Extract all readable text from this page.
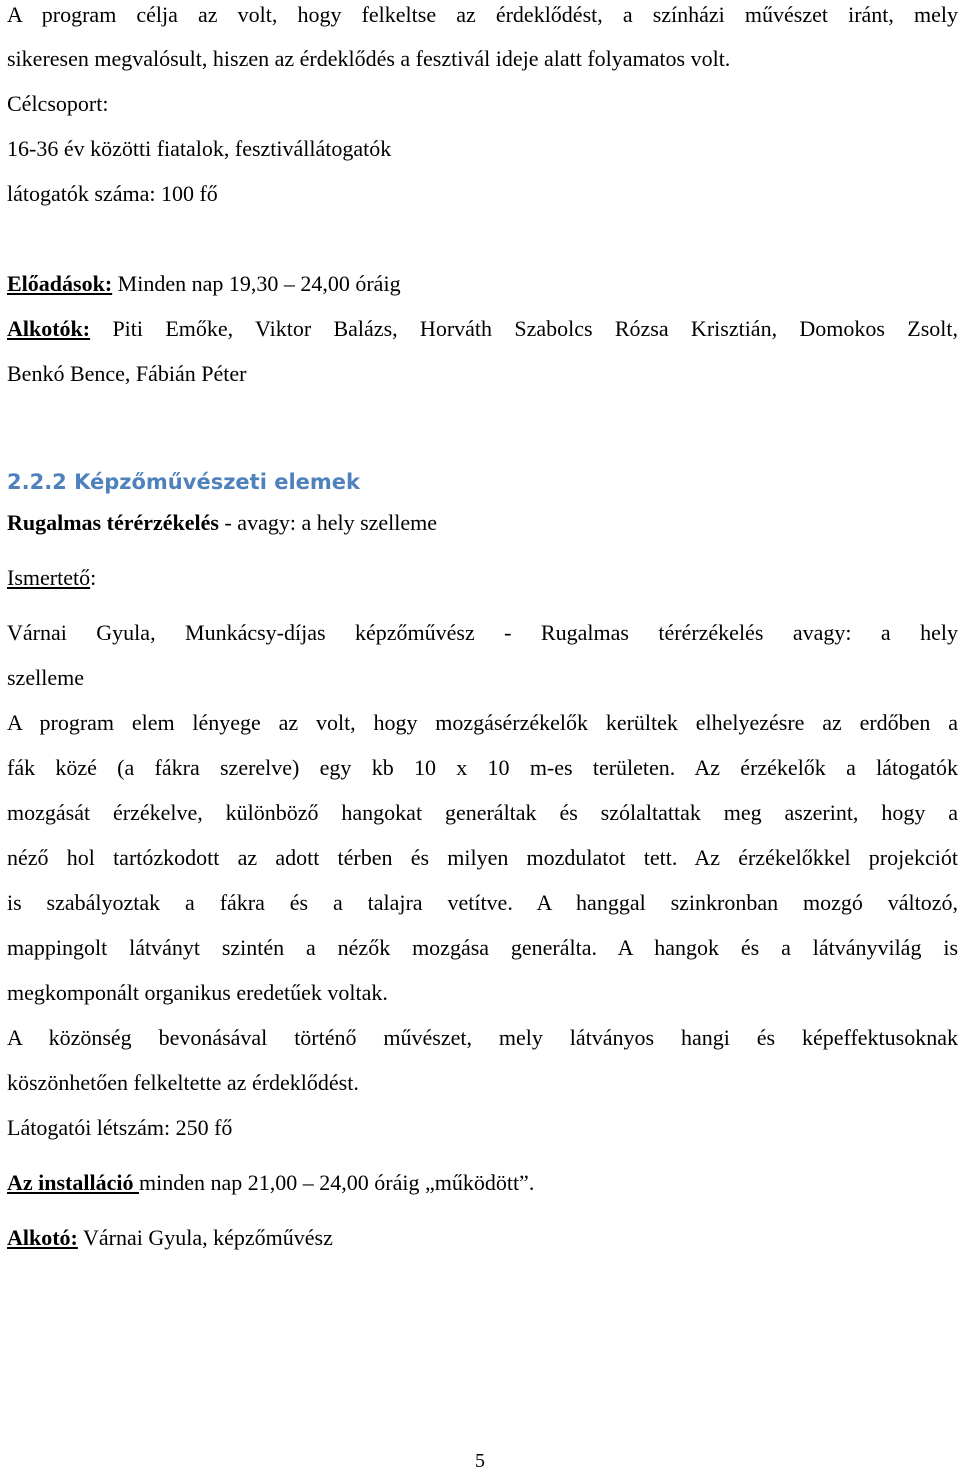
A program célja az volt, hogy felkeltse az érdeklődést, a színházi művészet iránt, mely

sikeresen megvalósult, hiszen az érdeklődés a fesztivál ideje alatt folyamatos volt.

Célcsoport:

16-36 év közötti fiatalok, fesztivállátogatók

látogatók száma: 100 fő

Előadások: Minden nap 19,30 – 24,00 óráig

Alkotók: Piti Emőke, Viktor Balázs, Horváth Szabolcs Rózsa Krisztián, Domokos Zsolt,

Benkó Bence, Fábián Péter

2.2.2 Képzőművészeti elemek

Rugalmas térérzékelés - avagy: a hely szelleme

Ismertető:

Várnai Gyula, Munkácsy-díjas képzőművész - Rugalmas térérzékelés avagy: a hely

szelleme

A program elem lényege az volt, hogy mozgásérzékelők kerültek elhelyezésre az erdőben a

fák közé (a fákra szerelve) egy kb 10 x 10 m-es területen. Az érzékelők a látogatók

mozgását érzékelve, különböző hangokat generáltak és szólaltattak meg aszerint, hogy a

néző hol tartózkodott az adott térben és milyen mozdulatot tett. Az érzékelőkkel projekciót

is szabályoztak a fákra és a talajra vetítve. A hanggal szinkronban mozgó változó,

mappingolt látványt szintén a nézők mozgása generálta. A hangok és a látványvilág is

megkomponált organikus eredetűek voltak.

A közönség bevonásával történő művészet, mely látványos hangi és képeffektusoknak

köszönhetően felkeltette az érdeklődést.

Látogatói létszám: 250 fő

Az installáció minden nap 21,00 – 24,00 óráig „működött”.

Alkotó: Várnai Gyula, képzőművész

5
